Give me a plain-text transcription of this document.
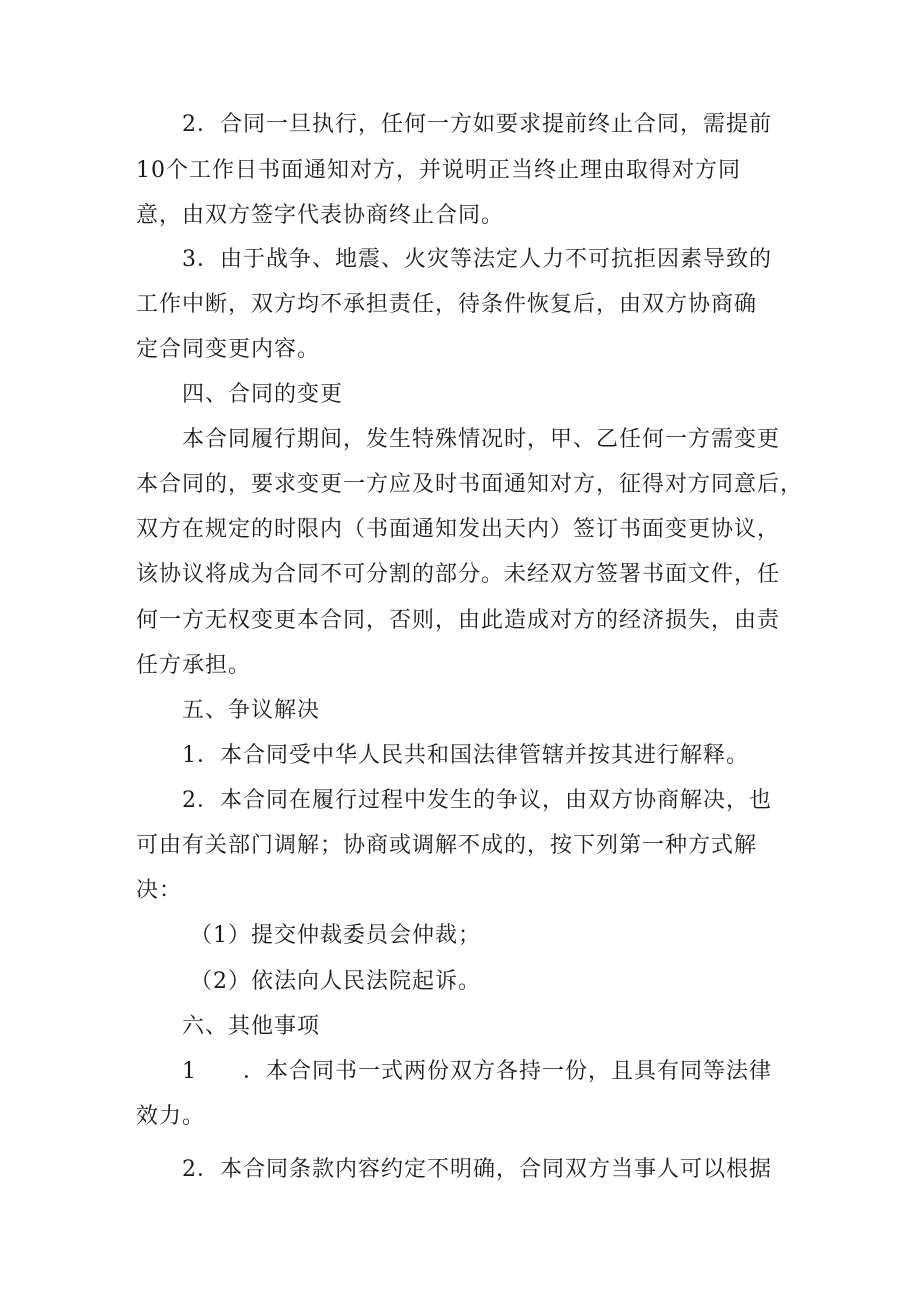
2．合同一旦执行，任何一方如要求提前终止合同，需提前
10个工作日书面通知对方，并说明正当终止理由取得对方同
意，由双方签字代表协商终止合同。
3．由于战争、地震、火灾等法定人力不可抗拒因素导致的
工作中断，双方均不承担责任，待条件恢复后，由双方协商确
定合同变更内容。
四、合同的变更
本合同履行期间，发生特殊情况时，甲、乙任何一方需变更
本合同的，要求变更一方应及时书面通知对方，征得对方同意后，
双方在规定的时限内（书面通知发出天内）签订书面变更协议，
该协议将成为合同不可分割的部分。未经双方签署书面文件，任
何一方无权变更本合同，否则，由此造成对方的经济损失，由责
任方承担。
五、争议解决
1．本合同受中华人民共和国法律管辖并按其进行解释。
2．本合同在履行过程中发生的争议，由双方协商解决，也
可由有关部门调解；协商或调解不成的，按下列第一种方式解
决：
（1）提交仲裁委员会仲裁；
（2）依法向人民法院起诉。
六、其他事项
1　　．本合同书一式两份双方各持一份，且具有同等法律
效力。
2．本合同条款内容约定不明确，合同双方当事人可以根据
